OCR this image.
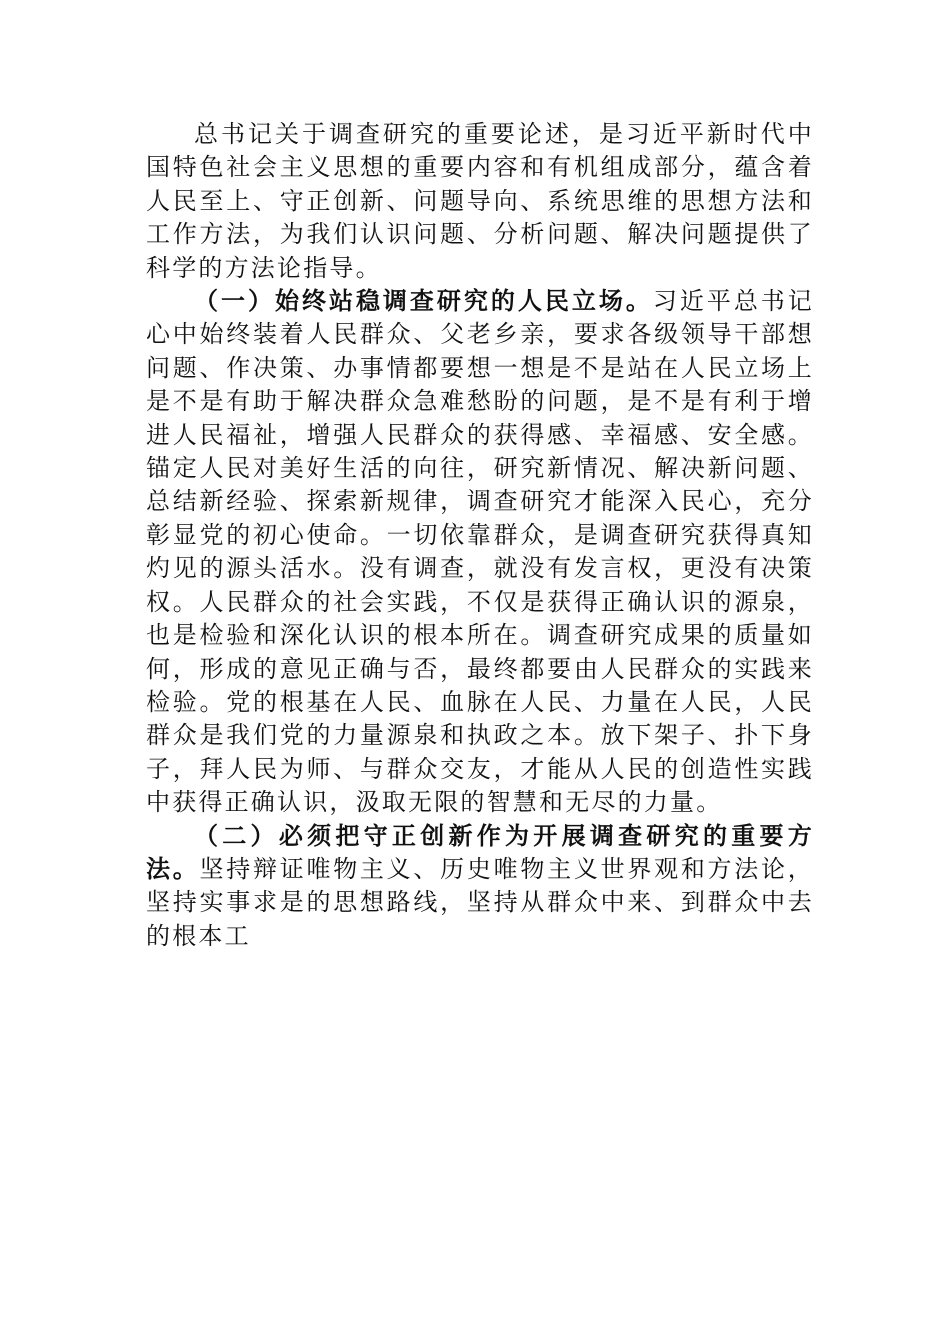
总书记关于调查研究的重要论述，是习近平新时代中国特色社会主义思想的重要内容和有机组成部分，蕴含着人民至上、守正创新、问题导向、系统思维的思想方法和工作方法，为我们认识问题、分析问题、解决问题提供了科学的方法论指导。

（一）始终站稳调查研究的人民立场。习近平总书记心中始终装着人民群众、父老乡亲，要求各级领导干部想问题、作决策、办事情都要想一想是不是站在人民立场上是不是有助于解决群众急难愁盼的问题，是不是有利于增进人民福祉，增强人民群众的获得感、幸福感、安全感。锚定人民对美好生活的向往，研究新情况、解决新问题、总结新经验、探索新规律，调查研究才能深入民心，充分彰显党的初心使命。一切依靠群众，是调查研究获得真知灼见的源头活水。没有调查，就没有发言权，更没有决策权。人民群众的社会实践，不仅是获得正确认识的源泉，也是检验和深化认识的根本所在。调查研究成果的质量如何，形成的意见正确与否，最终都要由人民群众的实践来检验。党的根基在人民、血脉在人民、力量在人民，人民群众是我们党的力量源泉和执政之本。放下架子、扑下身子，拜人民为师、与群众交友，才能从人民的创造性实践中获得正确认识，汲取无限的智慧和无尽的力量。

（二）必须把守正创新作为开展调查研究的重要方法。坚持辩证唯物主义、历史唯物主义世界观和方法论，坚持实事求是的思想路线，坚持从群众中来、到群众中去的根本工
